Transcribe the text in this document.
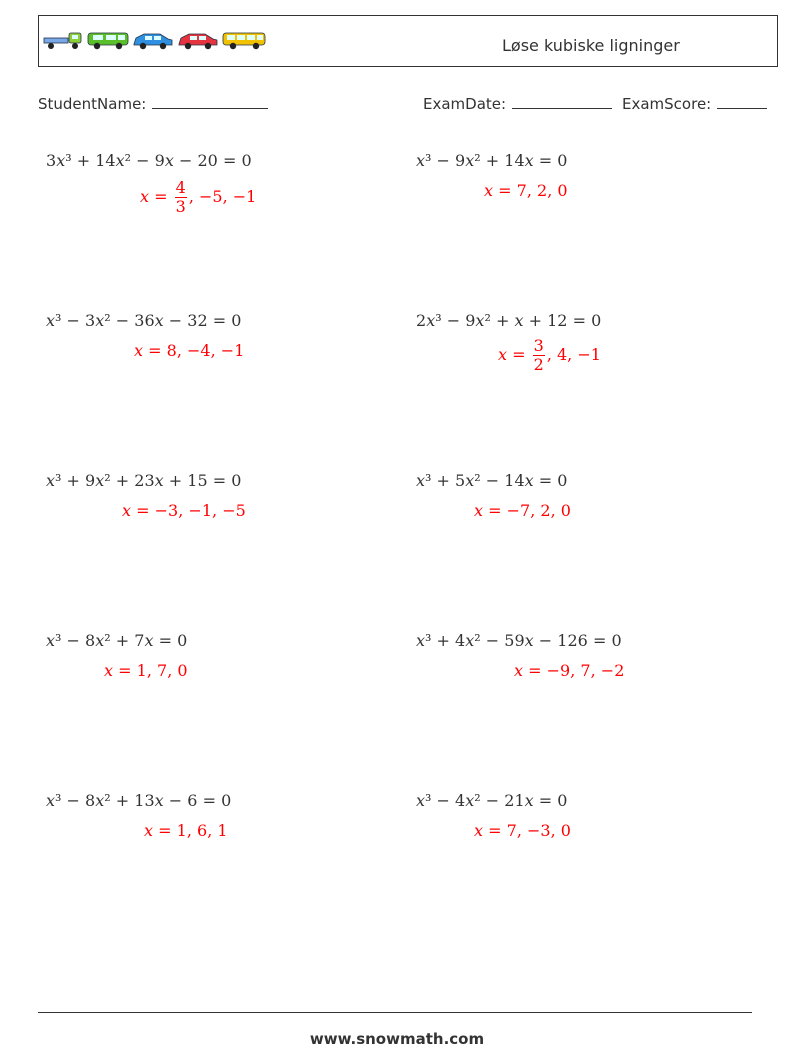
Løse kubiske ligninger
StudentName:	ExamDate:	ExamScore:
3x³ + 14x² − 9x − 20 = 0
$x = \frac{4}{3}$ , −5, −1
x³ − 9x² + 14x = 0
x = 7, 2, 0
x³ − 3x² − 36x − 32 = 0
x = 8, −4, −1
2x³ − 9x² + x + 12 = 0
$x = \frac{3}{2}$ , 4, −1
x³ + 9x² + 23x + 15 = 0
x = −3, −1, −5
x³ + 5x² − 14x = 0
x = −7, 2, 0
x³ − 8x² + 7x = 0
x = 1, 7, 0
x³ + 4x² − 59x − 126 = 0
x = −9, 7, −2
x³ − 8x² + 13x − 6 = 0
x = 1, 6, 1
x³ − 4x² − 21x = 0
x = 7, −3, 0
www.snowmath.com
